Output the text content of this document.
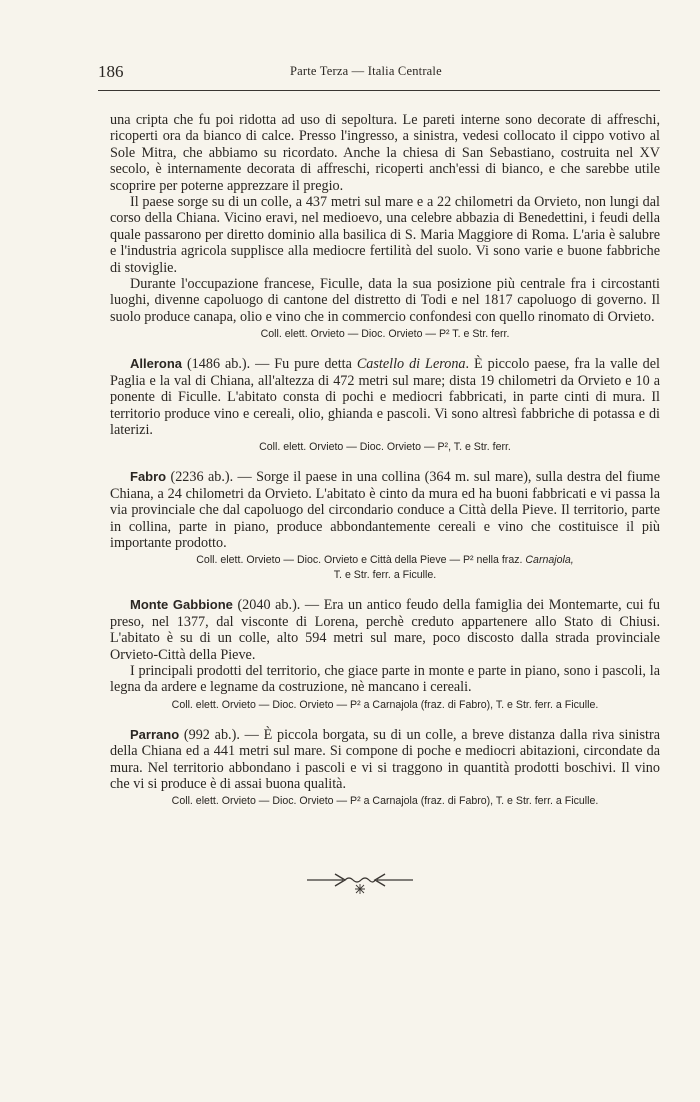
186	Parte Terza — Italia Centrale

una cripta che fu poi ridotta ad uso di sepoltura. Le pareti interne sono decorate di affreschi, ricoperti ora da bianco di calce. Presso l'ingresso, a sinistra, vedesi collocato il cippo votivo al Sole Mitra, che abbiamo su ricordato. Anche la chiesa di San Sebastiano, costruita nel XV secolo, è internamente decorata di affreschi, ricoperti anch'essi di bianco, e che sarebbe utile scoprire per poterne apprezzare il pregio.

Il paese sorge su di un colle, a 437 metri sul mare e a 22 chilometri da Orvieto, non lungi dal corso della Chiana. Vicino eravi, nel medioevo, una celebre abbazia di Benedettini, i feudi della quale passarono per diretto dominio alla basilica di S. Maria Maggiore di Roma. L'aria è salubre e l'industria agricola supplisce alla mediocre fertilità del suolo. Vi sono varie e buone fabbriche di stoviglie.

Durante l'occupazione francese, Ficulle, data la sua posizione più centrale fra i circostanti luoghi, divenne capoluogo di cantone del distretto di Todi e nel 1817 capoluogo di governo. Il suolo produce canapa, olio e vino che in commercio confondesi con quello rinomato di Orvieto.

Coll. elett. Orvieto — Dioc. Orvieto — P² T. e Str. ferr.

Allerona (1486 ab.). — Fu pure detta Castello di Lerona. È piccolo paese, fra la valle del Paglia e la val di Chiana, all'altezza di 472 metri sul mare; dista 19 chilometri da Orvieto e 10 a ponente di Ficulle. L'abitato consta di pochi e mediocri fabbricati, in parte cinti di mura. Il territorio produce vino e cereali, olio, ghianda e pascoli. Vi sono altresì fabbriche di potassa e di laterizi.

Coll. elett. Orvieto — Dioc. Orvieto — P², T. e Str. ferr.

Fabro (2236 ab.). — Sorge il paese in una collina (364 m. sul mare), sulla destra del fiume Chiana, a 24 chilometri da Orvieto. L'abitato è cinto da mura ed ha buoni fabbricati e vi passa la via provinciale che dal capoluogo del circondario conduce a Città della Pieve. Il territorio, parte in collina, parte in piano, produce abbondantemente cereali e vino che costituisce il più importante prodotto.

Coll. elett. Orvieto — Dioc. Orvieto e Città della Pieve — P² nella fraz. Carnajola,
T. e Str. ferr. a Ficulle.

Monte Gabbione (2040 ab.). — Era un antico feudo della famiglia dei Montemarte, cui fu preso, nel 1377, dal visconte di Lorena, perchè creduto appartenere allo Stato di Chiusi. L'abitato è su di un colle, alto 594 metri sul mare, poco discosto dalla strada provinciale Orvieto-Città della Pieve.

I principali prodotti del territorio, che giace parte in monte e parte in piano, sono i pascoli, la legna da ardere e legname da costruzione, nè mancano i cereali.

Coll. elett. Orvieto — Dioc. Orvieto — P² a Carnajola (fraz. di Fabro), T. e Str. ferr. a Ficulle.

Parrano (992 ab.). — È piccola borgata, su di un colle, a breve distanza dalla riva sinistra della Chiana ed a 441 metri sul mare. Si compone di poche e mediocri abitazioni, circondate da mura. Nel territorio abbondano i pascoli e vi si traggono in quantità prodotti boschivi. Il vino che vi si produce è di assai buona qualità.

Coll. elett. Orvieto — Dioc. Orvieto — P² a Carnajola (fraz. di Fabro), T. e Str. ferr. a Ficulle.
